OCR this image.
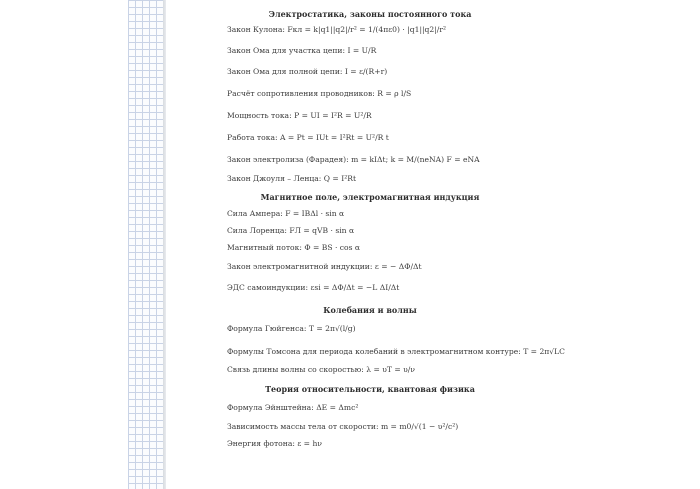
Электростатика, законы постоянного тока
Закон Кулона: Fкл = k|q1||q2|/r² = 1/(4πε0) · |q1||q2|/r²
Закон Ома для участка цепи: I = U/R
Закон Ома для полной цепи: I = ε/(R+r)
Расчёт сопротивления проводников: R = ρ l/S
Мощность тока: P = UI = I²R = U²/R
Работа тока: A = Pt = IUt = I²Rt = U²/R t
Закон электролиза (Фарадея): m = kIΔt; k = M/(neNA) F = eNA
Закон Джоуля – Ленца: Q = I²Rt
Магнитное поле, электромагнитная индукция
Сила Ампера: F = IBΔl · sin α
Сила Лоренца: FЛ = qVB · sin α
Магнитный поток: Φ = BS · cos α
Закон электромагнитной индукции: ε = − ΔΦ/Δt
ЭДС самоиндукции: εsi = ΔΦ/Δt = −L ΔI/Δt
Колебания и волны
Формула Гюйгенса: T = 2π√(l/g)
Формулы Томсона для периода колебаний в электромагнитном контуре: T = 2π√LC
Связь длины волны со скоростью: λ = υT = υ/ν
Теория относительности, квантовая физика
Формула Эйнштейна: ΔE = Δmc²
Зависимость массы тела от скорости: m = m0/√(1 − υ²/c²)
Энергия фотона: ε = hν
